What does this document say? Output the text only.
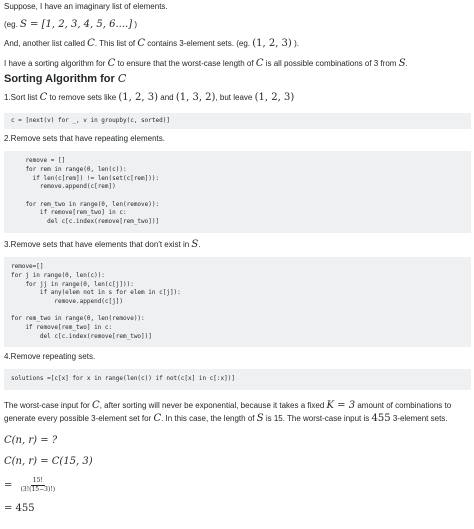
Suppose, I have an imaginary list of elements.

(eg. S = [1, 2, 3, 4, 5, 6....] )

And, another list called C. This list of C contains 3-element sets. (eg. (1, 2, 3) ).

I have a sorting algorithm for C to ensure that the worst-case length of C is all possible combinations of 3 from S.

Sorting Algorithm for C

1.Sort list C to remove sets like (1, 2, 3) and (1, 3, 2), but leave (1, 2, 3)

c = [next(v) for _, v in groupby(c, sorted)]

2.Remove sets that have repeating elements.

remove = []
for rem in range(0, len(c)):
if len(c[rem]) != len(set(c[rem])):
remove.append(c[rem])

for rem_two in range(0, len(remove)):
if remove[rem_two] in c:
del c[c.index(remove[rem_two])]

3.Remove sets that have elements that don't exist in S.

remove=[]
for j in range(0, len(c)):
for jj in range(0, len(c[j])):
if any(elem not in s for elem in c[j]):
remove.append(c[j])

for rem_two in range(0, len(remove)):
if remove[rem_two] in c:
del c[c.index(remove[rem_two])]

4.Remove repeating sets.

solutions =[c[x] for x in range(len(c)) if not(c[x] in c[:x])]

The worst-case input for C, after sorting will never be exponential, because it takes a fixed K = 3 amount of combinations to generate every possible 3-element set for C. In this case, the length of S is 15. The worst-case input is 455 3-element sets.

C(n, r) = ?
C(n, r) = C(15, 3)
= $\frac{15!}{(3!(15-3)!)}$
= 455
